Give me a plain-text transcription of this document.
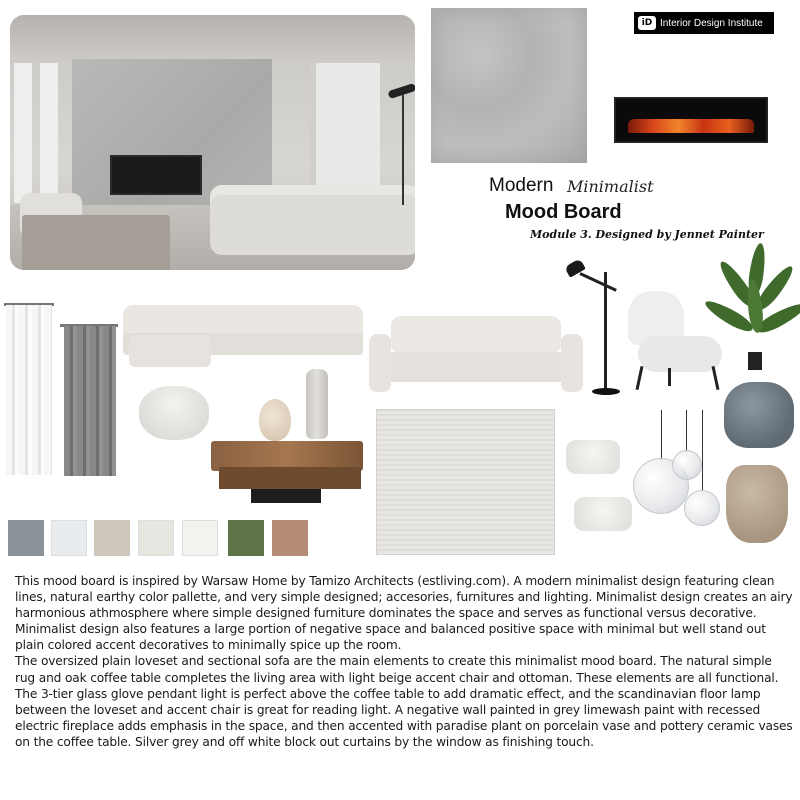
iD Interior Design Institute
Modern Minimalist
Mood Board
Module 3. Designed by Jennet Painter

This mood board is inspired by Warsaw Home by Tamizo Architects (estliving.com). A modern minimalist design featuring clean lines, natural earthy color pallette, and very simple designed; accesories, furnitures and lighting. Minimalist design creates an airy harmonious athmosphere where simple designed furniture dominates the space and serves as functional versus decorative. Minimalist design also features a large portion of negative space and balanced positive space with minimal but well stand out plain colored accent decoratives to minimally spice up the room.

The oversized plain loveset and sectional sofa are the main elements to create this minimalist mood board. The natural simple rug and oak coffee table completes the living area with light beige accent chair and ottoman. These elements are all functional. The 3-tier glass glove pendant light is perfect above the coffee table to add dramatic effect, and the scandinavian floor lamp between the loveset and accent chair is great for reading light. A negative wall painted in grey limewash paint with recessed electric fireplace adds emphasis in the space, and then accented with paradise plant on porcelain vase and pottery ceramic vases on the coffee table. Silver grey and off white block out curtains by the window as finishing touch.
